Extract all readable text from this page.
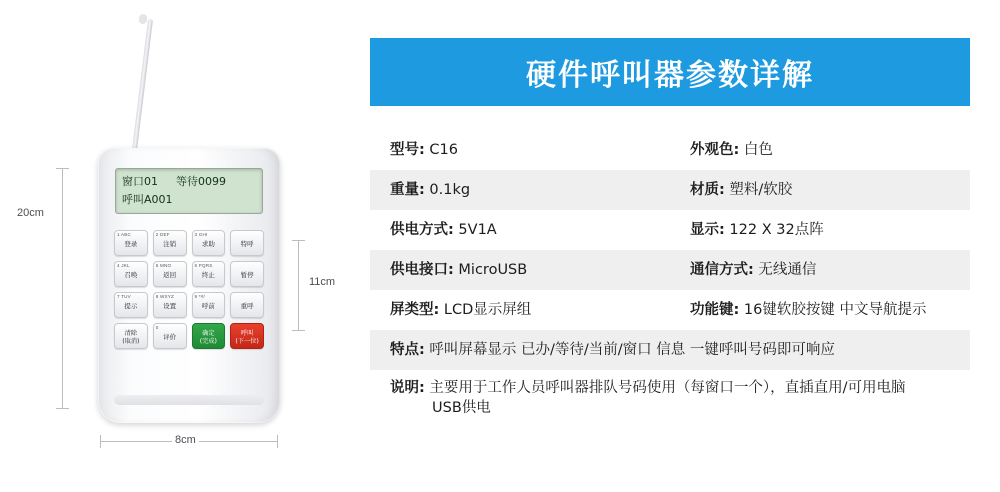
窗口01 等待0099
呼叫A001
1 ABC
登录
2 DEF
注销
3 GHI
求助	特呼
4 JKL
召唤
5 MNO
返回
6 PQRS
终止	暂停
7 TUV
提示
8 WXYZ
设置
9 *#/
呼前	重呼
清除
(取消)
0
评价	确定
(完成)
呼叫
(下一位)
20cm
8cm
11cm
硬件呼叫器参数详解
型号: C16	外观色: 白色
重量: 0.1kg	材质: 塑料/软胶
供电方式: 5V1A	显示: 122 X 32点阵
供电接口: MicroUSB	通信方式: 无线通信
屏类型: LCD显示屏组	功能键: 16键软胶按键 中文导航提示
特点: 呼叫屏幕显示 已办/等待/当前/窗口 信息 一键呼叫号码即可响应
说明: 主要用于工作人员呼叫器排队号码使用（每窗口一个），直插直用/可用电脑 USB供电
